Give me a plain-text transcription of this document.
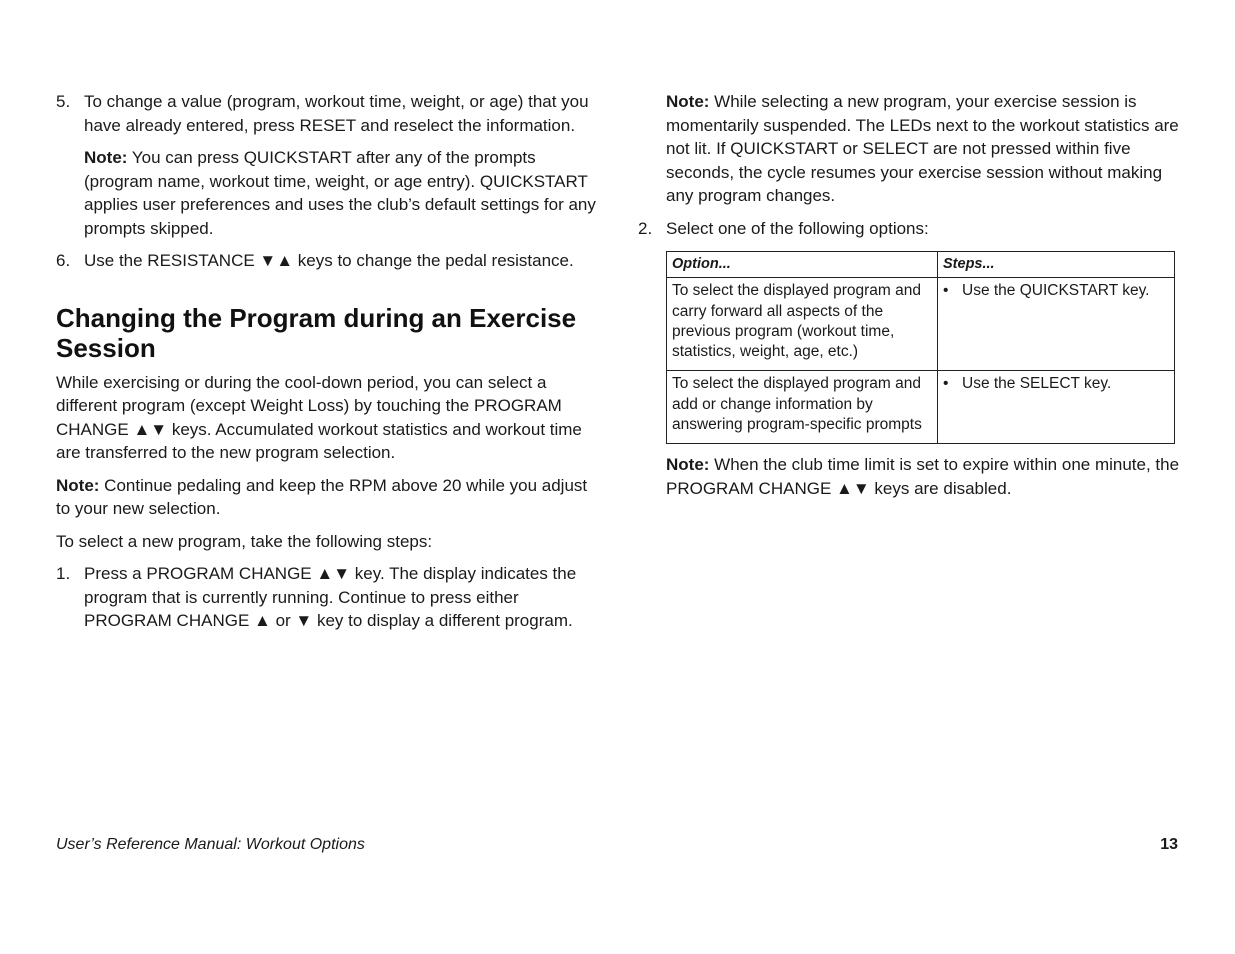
5. To change a value (program, workout time, weight, or age) that you have already entered, press RESET and reselect the information.

Note: You can press QUICKSTART after any of the prompts (program name, workout time, weight, or age entry). QUICKSTART applies user preferences and uses the club’s default settings for any prompts skipped.

6. Use the RESISTANCE ▼▲ keys to change the pedal resistance.
Changing the Program during an Exercise Session

While exercising or during the cool-down period, you can select a different program (except Weight Loss) by touching the PROGRAM CHANGE ▲▼ keys. Accumulated workout statistics and workout time are transferred to the new program selection.

Note: Continue pedaling and keep the RPM above 20 while you adjust to your new selection.

To select a new program, take the following steps:

1. Press a PROGRAM CHANGE ▲▼ key. The display indicates the program that is currently running. Continue to press either PROGRAM CHANGE ▲ or ▼ key to display a different program.

Note: While selecting a new program, your exercise session is momentarily suspended. The LEDs next to the workout statistics are not lit. If QUICKSTART or SELECT are not pressed within five seconds, the cycle resumes your exercise session without making any program changes.

2. Select one of the following options:
Option...	Steps...
To select the displayed program and carry forward all aspects of the previous program (workout time, statistics, weight, age, etc.)	• Use the QUICKSTART key.

To select the displayed program and add or change information by answering program-specific prompts	• Use the SELECT key.

Note: When the club time limit is set to expire within one minute, the PROGRAM CHANGE ▲▼ keys are disabled.

User’s Reference Manual: Workout Options	13
